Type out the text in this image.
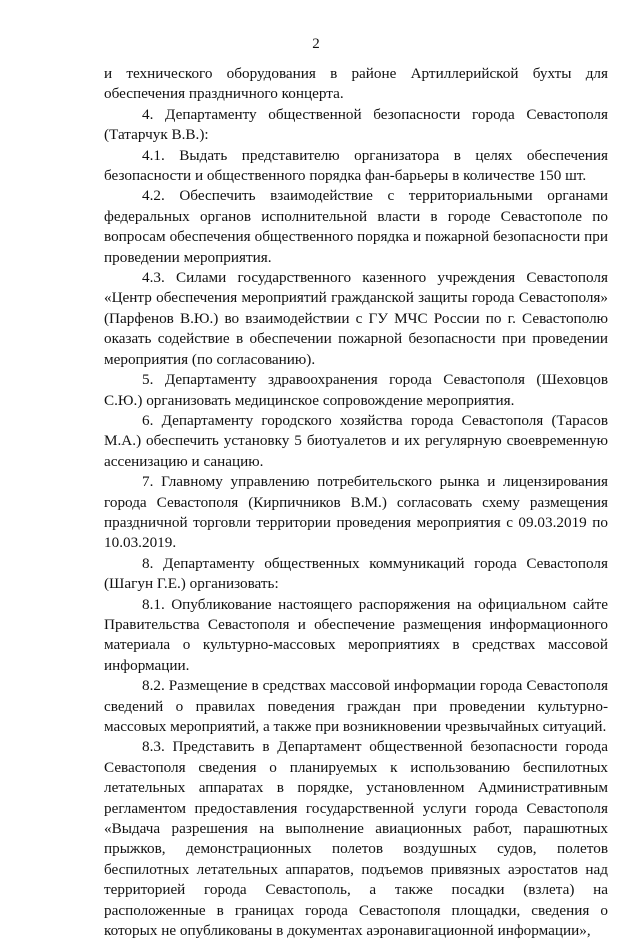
2

и технического оборудования в районе Артиллерийской бухты для обеспечения праздничного концерта.

4. Департаменту общественной безопасности города Севастополя (Татарчук В.В.):

4.1. Выдать представителю организатора в целях обеспечения безопасности и общественного порядка фан-барьеры в количестве 150 шт.

4.2. Обеспечить взаимодействие с территориальными органами федеральных органов исполнительной власти в городе Севастополе по вопросам обеспечения общественного порядка и пожарной безопасности при проведении мероприятия.

4.3. Силами государственного казенного учреждения Севастополя «Центр обеспечения мероприятий гражданской защиты города Севастополя» (Парфенов В.Ю.) во взаимодействии с ГУ МЧС России по г. Севастополю оказать содействие в обеспечении пожарной безопасности при проведении мероприятия (по согласованию).

5. Департаменту здравоохранения города Севастополя (Шеховцов С.Ю.) организовать медицинское сопровождение мероприятия.

6. Департаменту городского хозяйства города Севастополя (Тарасов М.А.) обеспечить установку 5 биотуалетов и их регулярную своевременную ассенизацию и санацию.

7. Главному управлению потребительского рынка и лицензирования города Севастополя (Кирпичников В.М.) согласовать схему размещения праздничной торговли территории проведения мероприятия с 09.03.2019 по 10.03.2019.

8. Департаменту общественных коммуникаций города Севастополя (Шагун Г.Е.) организовать:

8.1. Опубликование настоящего распоряжения на официальном сайте Правительства Севастополя и обеспечение размещения информационного материала о культурно-массовых мероприятиях в средствах массовой информации.

8.2. Размещение в средствах массовой информации города Севастополя сведений о правилах поведения граждан при проведении культурно-массовых мероприятий, а также при возникновении чрезвычайных ситуаций.

8.3. Представить в Департамент общественной безопасности города Севастополя сведения о планируемых к использованию беспилотных летательных аппаратах в порядке, установленном Административным регламентом предоставления государственной услуги города Севастополя «Выдача разрешения на выполнение авиационных работ, парашютных прыжков, демонстрационных полетов воздушных судов, полетов беспилотных летательных аппаратов, подъемов привязных аэростатов над территорией города Севастополь, а также посадки (взлета) на расположенные в границах города Севастополя площадки, сведения о которых не опубликованы в документах аэронавигационной информации»,
